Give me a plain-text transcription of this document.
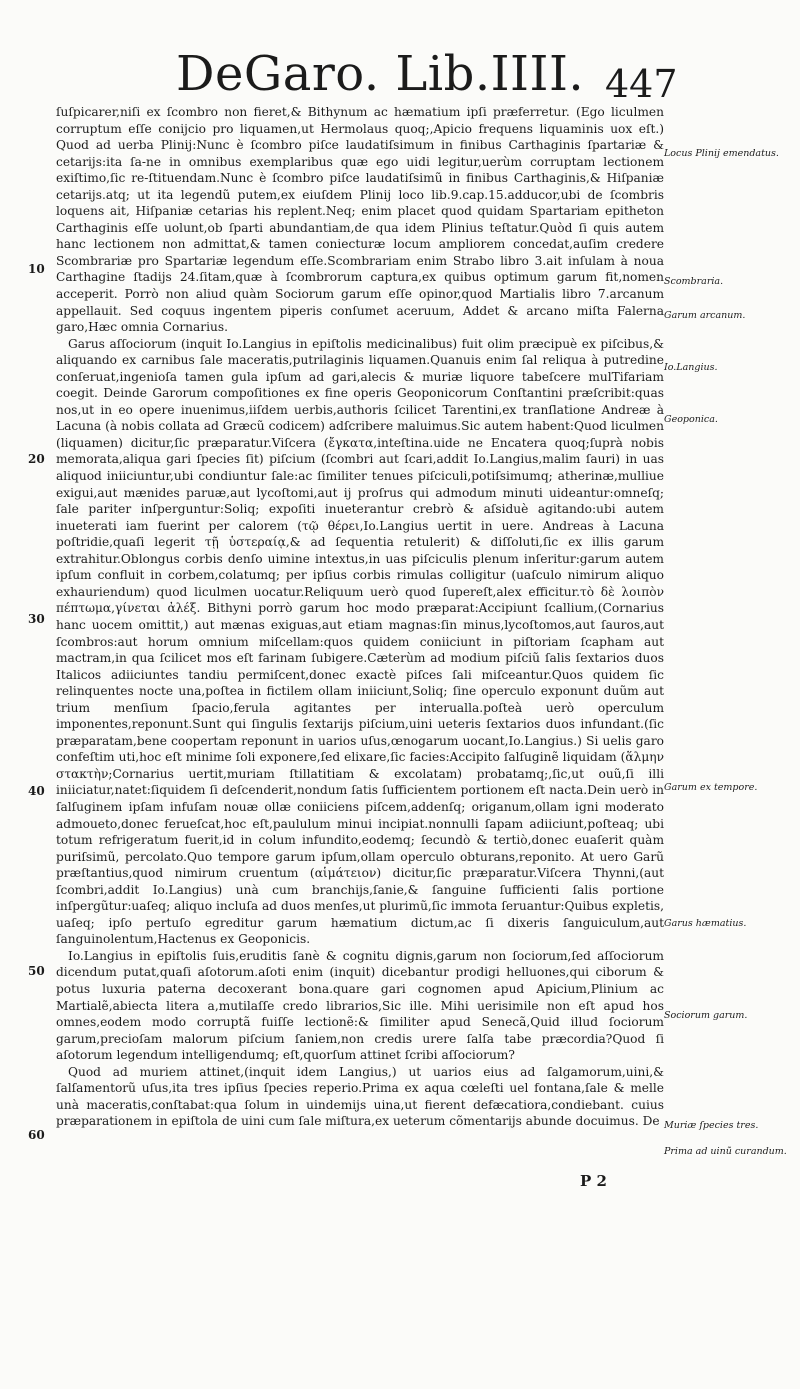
DeGaro. Lib.IIII. 447

ſuſpicarer,niſi ex ſcombro non fieret,& Bithynum ac hæmatium ipſi præferretur. (Ego liculmen corruptum eſſe conijcio pro liquamen,ut Hermolaus quoq;,Apicio frequens liquaminis uox eſt.) Quod ad uerba Plinij:Nunc è ſcombro piſce laudatiſsimum in finibus Carthaginis ſpartariæ & cetarijs:ita ſa-ne in omnibus exemplaribus quæ ego uidi legitur,uerùm corruptam lectionem exiſtimo,ſic re-ſtituendam.Nunc è ſcombro piſce laudatiſsimũ in finibus Carthaginis,& Hiſpaniæ cetarijs.atq; ut ita legendũ putem,ex eiuſdem Plinij loco lib.9.cap.15.adducor,ubi de ſcombris loquens ait, Hiſpaniæ cetarias his replent.Neq; enim placet quod quidam Spartariam epitheton Carthaginis eſſe uolunt,ob ſparti abundantiam,de qua idem Plinius teſtatur.Quòd ſi quis autem hanc lectionem non admittat,& tamen coniecturæ locum ampliorem concedat,auſim credere Scombrariæ pro Spartariæ legendum eſſe.Scombrariam enim Strabo libro 3.ait inſulam à noua Carthagine ſtadijs 24.ſitam,quæ à ſcombrorum captura,ex quibus optimum garum fit,nomen acceperit. Porrò non aliud quàm Sociorum garum eſſe opinor,quod Martialis libro 7.arcanum appellauit. Sed coquus ingentem piperis conſumet aceruum, Addet & arcano miſta Falerna garo,Hæc omnia Cornarius.

Garus aſſociorum (inquit Io.Langius in epiſtolis medicinalibus) fuit olim præcipuè ex piſcibus,& aliquando ex carnibus ſale maceratis,putrilaginis liquamen.Quanuis enim ſal reliqua à putredine conſeruat,ingenioſa tamen gula ipſum ad gari,alecis & muriæ liquore tabeſcere mulTifariam coegit. Deinde Garorum compoſitiones ex fine operis Geoponicorum Conſtantini præſcribit:quas nos,ut in eo opere inuenimus,iiſdem uerbis,authoris ſcilicet Tarentini,ex tranſlatione Andreæ à Lacuna (à nobis collata ad Græcũ codicem) adſcribere maluimus.Sic autem habent:Quod liculmen (liquamen) dicitur,ſic præparatur.Viſcera (ἔγκατα,inteſtina.uide ne Encatera quoq;ſuprà nobis memorata,aliqua gari ſpecies ſit) piſcium (ſcombri aut ſcari,addit Io.Langius,malim ſauri) in uas aliquod iniiciuntur,ubi condiuntur ſale:ac ſimiliter tenues piſciculi,potiſsimumq; atherinæ,mulliue exigui,aut mænides paruæ,aut lycoſtomi,aut ij proſrus qui admodum minuti uideantur:omneſq; ſale pariter inſperguntur:Soliq; expoſiti inueterantur crebrò & aſsiduè agitando:ubi autem inueterati iam fuerint per calorem (τῷ θέρει,Io.Langius uertit in uere. Andreas à Lacuna poſtridie,quaſi legerit τῇ ὑστεραίᾳ,& ad ſequentia retulerit) & diſſoluti,ſic ex illis garum extrahitur.Oblongus corbis denſo uimine intextus,in uas piſciculis plenum inſeritur:garum autem ipſum confluit in corbem,colatumq; per ipſius corbis rimulas colligitur (uaſculo nimirum aliquo exhauriendum) quod liculmen uocatur.Reliquum uerò quod ſupereſt,alex efficitur.τὸ δὲ λοιπὸν πέπτωμα,γίνεται ἀλέξ. Bithyni porrò garum hoc modo præparat:Accipiunt ſcallium,(Cornarius hanc uocem omittit,) aut mænas exiguas,aut etiam magnas:ſin minus,lycoſtomos,aut ſauros,aut ſcombros:aut horum omnium miſcellam:quos quidem coniiciunt in piſtoriam ſcapham aut mactram,in qua ſcilicet mos eſt farinam ſubigere.Cæterùm ad modium piſciũ ſalis ſextarios duos Italicos adiiciuntes tandiu permiſcent,donec exactè piſces ſali miſceantur.Quos quidem ſic relinquentes nocte una,poſtea in fictilem ollam iniiciunt,Soliq; ſine operculo exponunt duũm aut trium menſium ſpacio,ferula agitantes per interualla.poſteà uerò operculum imponentes,reponunt.Sunt qui ſingulis ſextarijs piſcium,uini ueteris ſextarios duos infundant.(ſic præparatam,bene coopertam reponunt in uarios uſus,œnogarum uocant,Io.Langius.) Si uelis garo confeſtim uti,hoc eſt minime ſoli exponere,ſed elixare,ſic facies:Accipito ſalſuginẽ liquidam (ἅλμην στακτὴν;Cornarius uertit,muriam ſtillatitiam & excolatam) probatamq;,ſic,ut ouũ,ſi illi iniiciatur,natet:ſiquidem ſi deſcenderit,nondum ſatis ſufficientem portionem eſt nacta.Dein uerò in ſalſuginem ipſam infuſam nouæ ollæ coniiciens piſcem,addenſq; origanum,ollam igni moderato admoueto,donec ferueſcat,hoc eſt,paululum minui incipiat.nonnulli ſapam adiiciunt,poſteaq; ubi totum refrigeratum fuerit,id in colum infundito,eodemq; ſecundò & tertiò,donec euaſerit quàm puriſsimũ, percolato.Quo tempore garum ipſum,ollam operculo obturans,reponito. At uero Garũ præſtantius,quod nimirum cruentum (αἱμάτειον) dicitur,ſic præparatur.Viſcera Thynni,(aut ſcombri,addit Io.Langius) unà cum branchijs,ſanie,& ſanguine ſufficienti ſalis portione inſpergũtur:uaſeq; aliquo incluſa ad duos menſes,ut plurimũ,ſic immota ſeruantur:Quibus expletis, uaſeq; ipſo pertuſo egreditur garum hæmatium dictum,ac ſi dixeris ſanguiculum,aut ſanguinolentum,Hactenus ex Geoponicis.

Io.Langius in epiſtolis ſuis,eruditis ſanè & cognitu dignis,garum non ſociorum,ſed aſſociorum dicendum putat,quaſi aſotorum.aſoti enim (inquit) dicebantur prodigi helluones,qui ciborum & potus luxuria paterna decoxerant bona.quare gari cognomen apud Apicium,Plinium ac Martialẽ,abiecta litera a,mutilaſſe credo librarios,Sic ille. Mihi uerisimile non eſt apud hos omnes,eodem modo corruptã fuiſſe lectionẽ:& ſimiliter apud Senecã,Quid illud ſociorum garum,precioſam malorum piſcium ſaniem,non credis urere ſalſa tabe præcordia?Quod ſi aſotorum legendum intelligendumq; eſt,quorſum attinet ſcribi aſſociorum?

Quod ad muriem attinet,(inquit idem Langius,) ut uarios eius ad ſalgamorum,uini,& ſalſamentorũ uſus,ita tres ipſius ſpecies reperio.Prima ex aqua cœleſti uel fontana,ſale & melle unà maceratis,conſtabat:qua ſolum in uindemijs uina,ut fierent defæcatiora,condiebant. cuius præparationem in epiſtola de uini cum ſale miſtura,ex ueterum cõmentarijs abunde docuimus. De

10
20
30
40
50
60
Locus Plinij emendatus.
Scombraria.
Garum arcanum.
Io.Langius.
Geoponica.
Garum ex tempore.
Garus hæmatius.
Sociorum garum.
Muriæ ſpecies tres.
Prima ad uinũ curandum.
P 2
